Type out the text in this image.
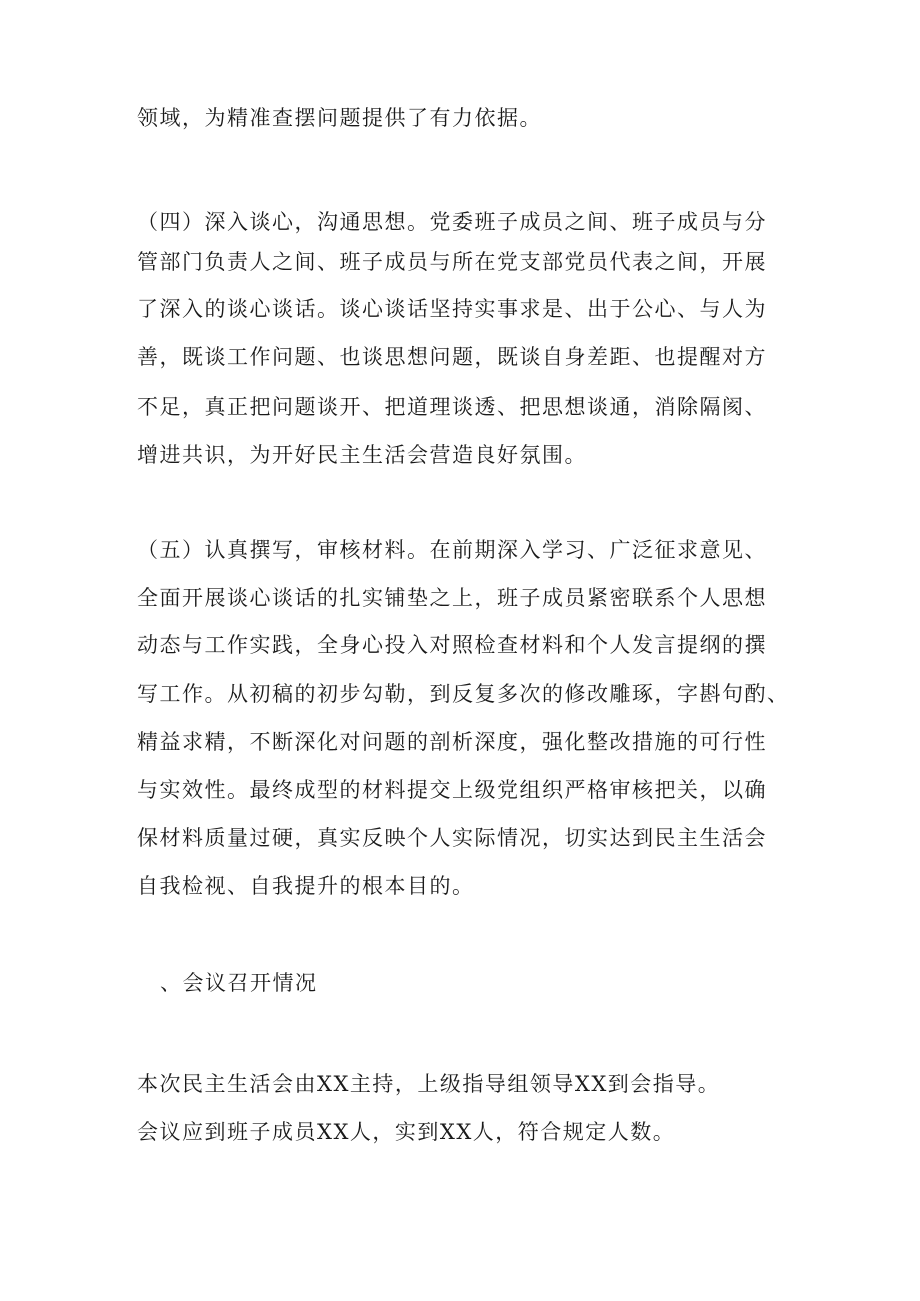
领域，为精准查摆问题提供了有力依据。
（四）深入谈心，沟通思想。党委班子成员之间、班子成员与分
管部门负责人之间、班子成员与所在党支部党员代表之间，开展
了深入的谈心谈话。谈心谈话坚持实事求是、出于公心、与人为
善，既谈工作问题、也谈思想问题，既谈自身差距、也提醒对方
不足，真正把问题谈开、把道理谈透、把思想谈通，消除隔阂、
增进共识，为开好民主生活会营造良好氛围。
（五）认真撰写，审核材料。在前期深入学习、广泛征求意见、
全面开展谈心谈话的扎实铺垫之上，班子成员紧密联系个人思想
动态与工作实践，全身心投入对照检查材料和个人发言提纲的撰
写工作。从初稿的初步勾勒，到反复多次的修改雕琢，字斟句酌、
精益求精，不断深化对问题的剖析深度，强化整改措施的可行性
与实效性。最终成型的材料提交上级党组织严格审核把关，以确
保材料质量过硬，真实反映个人实际情况，切实达到民主生活会
自我检视、自我提升的根本目的。
、会议召开情况
本次民主生活会由XX主持，上级指导组领导XX到会指导。
会议应到班子成员XX人，实到XX人，符合规定人数。
